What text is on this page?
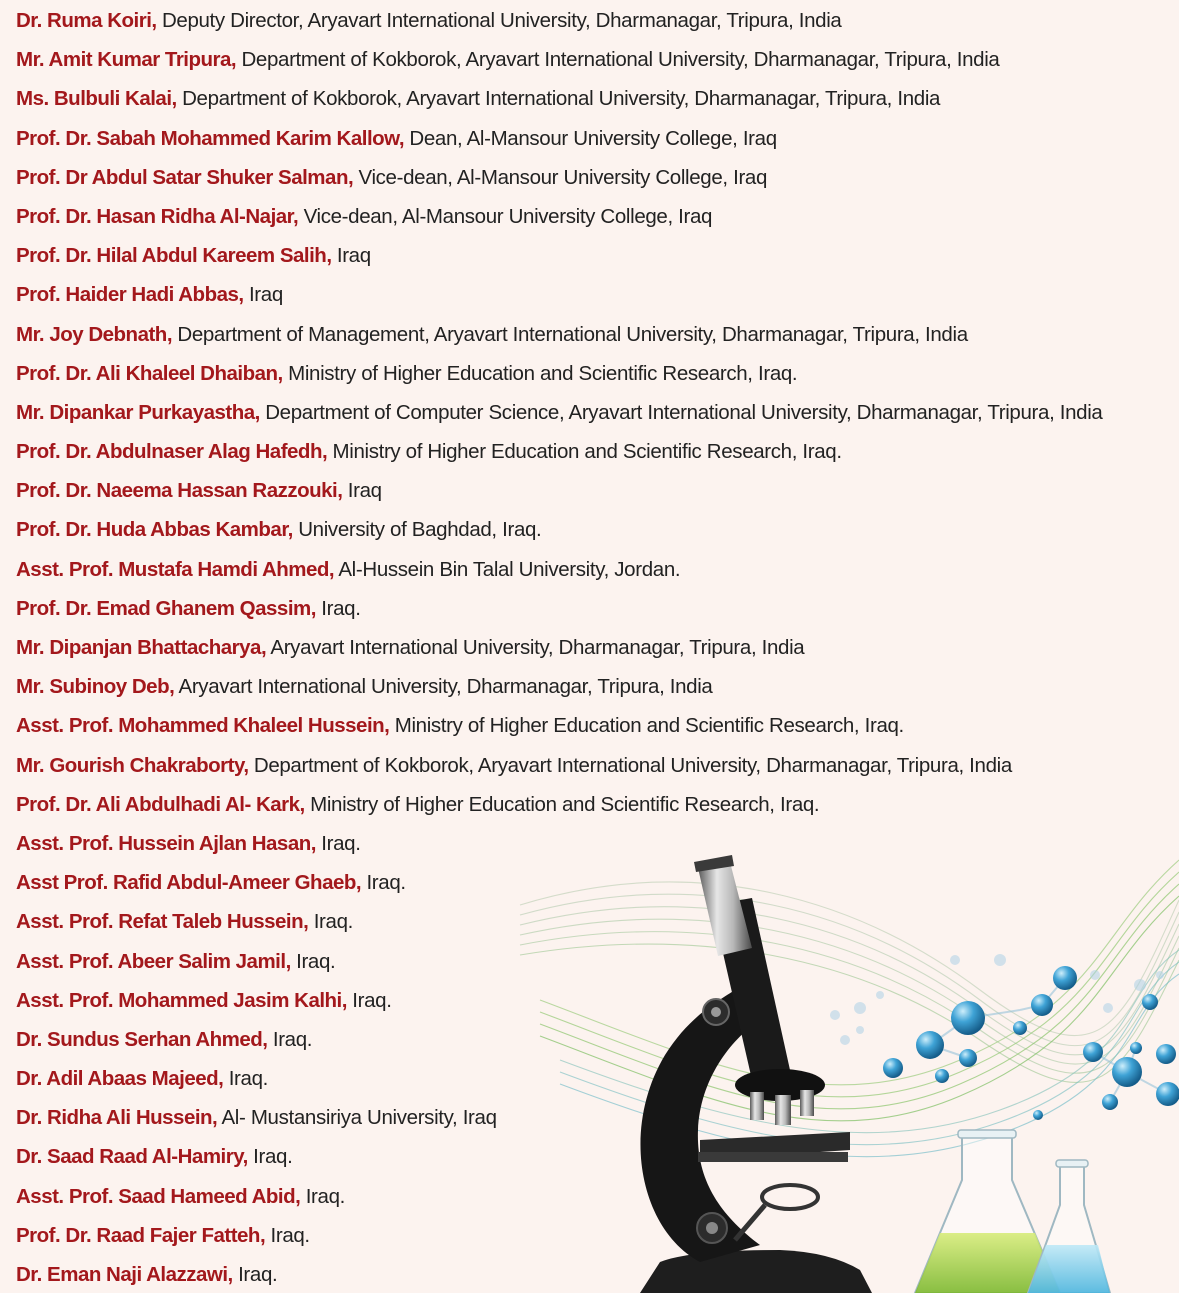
Dr. Ruma Koiri, Deputy Director, Aryavart International University, Dharmanagar, Tripura, India
Mr. Amit Kumar Tripura, Department of Kokborok, Aryavart International University, Dharmanagar, Tripura, India
Ms. Bulbuli Kalai, Department of Kokborok, Aryavart International University, Dharmanagar, Tripura, India
Prof. Dr. Sabah Mohammed Karim Kallow, Dean, Al-Mansour University College, Iraq
Prof. Dr Abdul Satar Shuker Salman, Vice-dean, Al-Mansour University College, Iraq
Prof. Dr. Hasan Ridha Al-Najar, Vice-dean, Al-Mansour University College, Iraq
Prof. Dr. Hilal Abdul Kareem Salih, Iraq
Prof. Haider Hadi Abbas, Iraq
Mr. Joy Debnath, Department of Management, Aryavart International University, Dharmanagar, Tripura, India
Prof. Dr. Ali Khaleel Dhaiban, Ministry of Higher Education and Scientific Research, Iraq.
Mr. Dipankar Purkayastha, Department of Computer Science, Aryavart International University, Dharmanagar, Tripura, India
Prof. Dr. Abdulnaser Alag Hafedh, Ministry of Higher Education and Scientific Research, Iraq.
Prof. Dr. Naeema Hassan Razzouki, Iraq
Prof. Dr. Huda Abbas Kambar, University of Baghdad, Iraq.
Asst. Prof. Mustafa Hamdi Ahmed, Al-Hussein Bin Talal University, Jordan.
Prof. Dr. Emad Ghanem Qassim, Iraq.
Mr. Dipanjan Bhattacharya, Aryavart International University, Dharmanagar, Tripura, India
Mr. Subinoy Deb, Aryavart International University, Dharmanagar, Tripura, India
Asst. Prof. Mohammed Khaleel Hussein, Ministry of Higher Education and Scientific Research, Iraq.
Mr. Gourish Chakraborty, Department of Kokborok, Aryavart International University, Dharmanagar, Tripura, India
Prof. Dr. Ali Abdulhadi Al- Kark, Ministry of Higher Education and Scientific Research, Iraq.
Asst. Prof. Hussein Ajlan Hasan, Iraq.
Asst Prof. Rafid Abdul-Ameer Ghaeb, Iraq.
Asst. Prof. Refat Taleb Hussein, Iraq.
Asst. Prof. Abeer Salim Jamil, Iraq.
Asst. Prof. Mohammed Jasim Kalhi, Iraq.
Dr. Sundus Serhan Ahmed, Iraq.
Dr. Adil Abaas Majeed, Iraq.
Dr. Ridha Ali Hussein, Al- Mustansiriya University, Iraq
Dr. Saad Raad Al-Hamiry, Iraq.
Asst. Prof. Saad Hameed Abid, Iraq.
Prof. Dr. Raad Fajer Fatteh, Iraq.
Dr. Eman Naji Alazzawi, Iraq.
